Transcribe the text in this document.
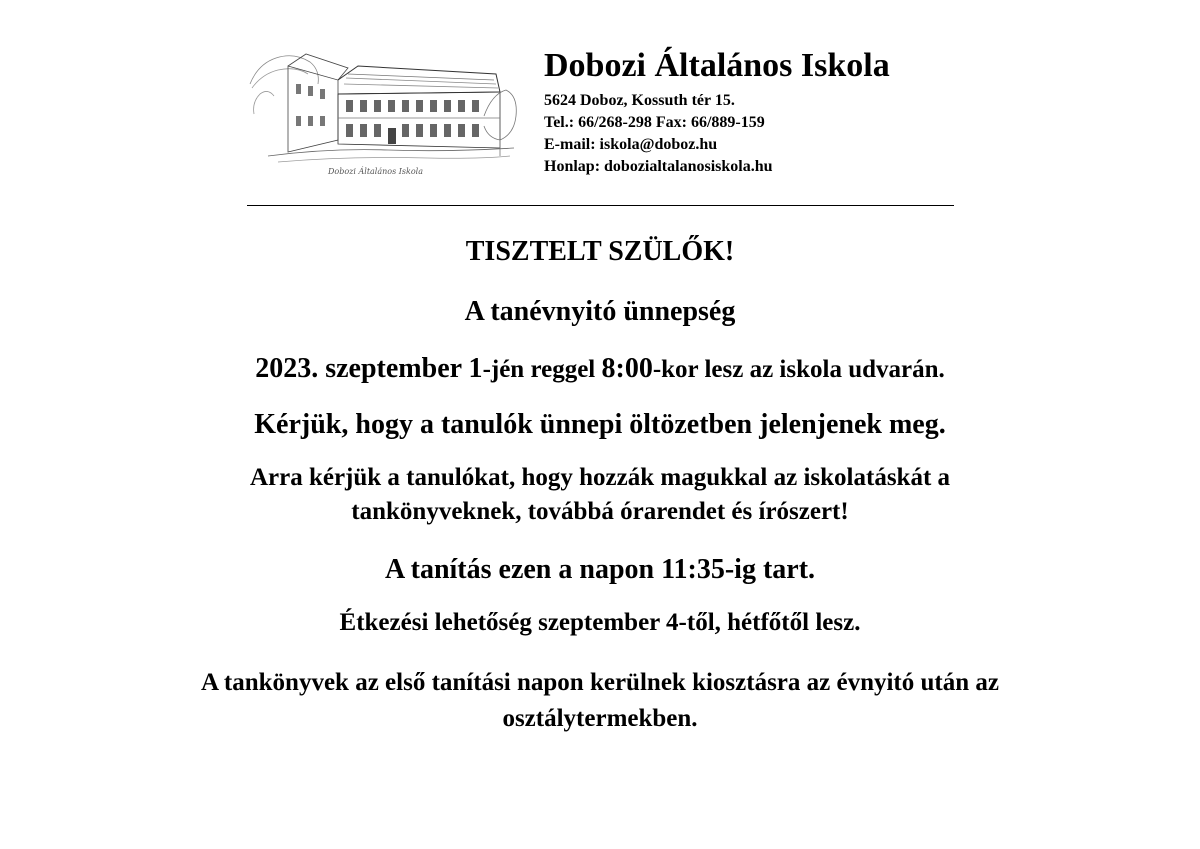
Dobozi Általános Iskola

Dobozi Általános Iskola

5624 Doboz, Kossuth tér 15.

Tel.: 66/268-298 Fax: 66/889-159

E-mail: iskola@doboz.hu

Honlap: dobozialtalanosiskola.hu

TISZTELT SZÜLŐK!

A tanévnyitó ünnepség

2023. szeptember 1-jén reggel 8:00-kor lesz az iskola udvarán.

Kérjük, hogy a tanulók ünnepi öltözetben jelenjenek meg.

Arra kérjük a tanulókat, hogy hozzák magukkal az iskolatáskát a

tankönyveknek, továbbá órarendet és írószert!

A tanítás ezen a napon 11:35-ig tart.

Étkezési lehetőség szeptember 4-től, hétfőtől lesz.

A tankönyvek az első tanítási napon kerülnek kiosztásra az évnyitó után az

osztálytermekben.
